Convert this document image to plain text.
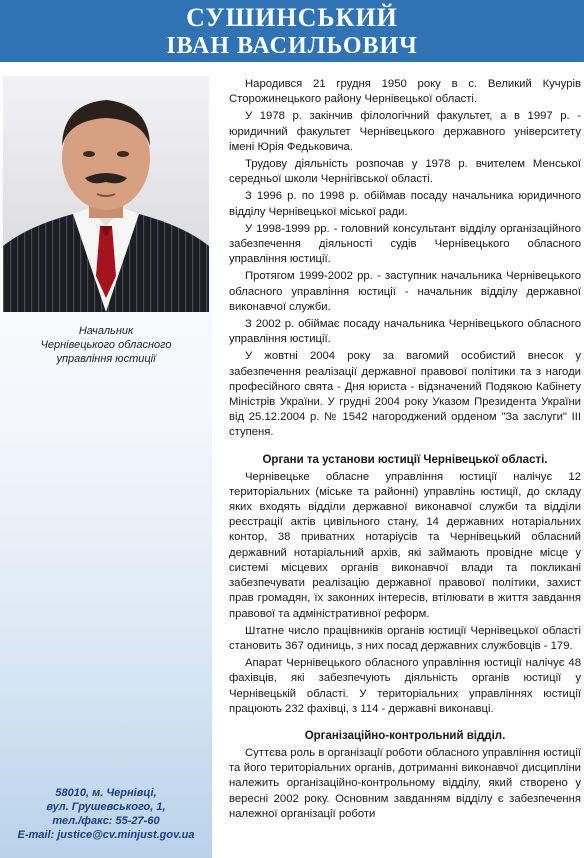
СУШИНСЬКИЙ
ІВАН ВАСИЛЬОВИЧ
Начальник
Чернівецького обласного
управління юстиції
58010, м. Чернівці,
вул. Грушевського, 1,
тел./факс: 55-27-60
E-mail: justice@cv.minjust.gov.ua

Народився 21 грудня 1950 року в с. Великий Кучурів Сторожинецького району Чернівецької області.

У 1978 р. закінчив філологічний факультет, а в 1997 р. - юридичний факультет Чернівецького державного університету імені Юрія Федьковича.

Трудову діяльність розпочав у 1978 р. вчителем Менської середньої школи Чернігівської області.

З 1996 р. по 1998 р. обіймав посаду начальника юридичного відділу Чернівецької міської ради.

У 1998-1999 рр. - головний консультант відділу організаційного забезпечення діяльності судів Чернівецького обласного управління юстиції.

Протягом 1999-2002 рр. - заступник начальника Чернівецького обласного управління юстиції - начальник відділу державної виконавчої служби.

З 2002 р. обіймає посаду начальника Чернівецького обласного управління юстиції.

У жовтні 2004 року за вагомий особистий внесок у забезпечення реалізації державної правової політики та з нагоди професійного свята - Дня юриста - відзначений Подякою Кабінету Міністрів України. У грудні 2004 року Указом Президента України від 25.12.2004 р. № 1542 нагороджений орденом "За заслуги" III ступеня.

Органи та установи юстиції Чернівецької області.

Чернівецьке обласне управління юстиції налічує 12 територіальних (міське та районні) управлінь юстиції, до складу яких входять відділи державної виконавчої служби та відділи реєстрації актів цивільного стану, 14 державних нотаріальних контор, 38 приватних нотаріусів та Чернівецький обласний державний нотаріальний архів, які займають провідне місце у системі місцевих органів виконавчої влади та покликані забезпечувати реалізацію державної правової політики, захист прав громадян, їх законних інтересів, втілювати в життя завдання правової та адміністративної реформ.

Штатне число працівників органів юстиції Чернівецької області становить 367 одиниць, з них посад державних службовців - 179.

Апарат Чернівецького обласного управління юстиції налічує 48 фахівців, які забезпечують діяльність органів юстиції у Чернівецькій області. У територіальних управліннях юстиції працюють 232 фахівці, з 114 - державні виконавці.

Організаційно-контрольний відділ.

Суттєва роль в організації роботи обласного управління юстиції та його територіальних органів, дотриманні виконавчої дисципліни належить організаційно-контрольному відділу, який створено у вересні 2002 року. Основним завданням відділу є забезпечення належної організації роботи
